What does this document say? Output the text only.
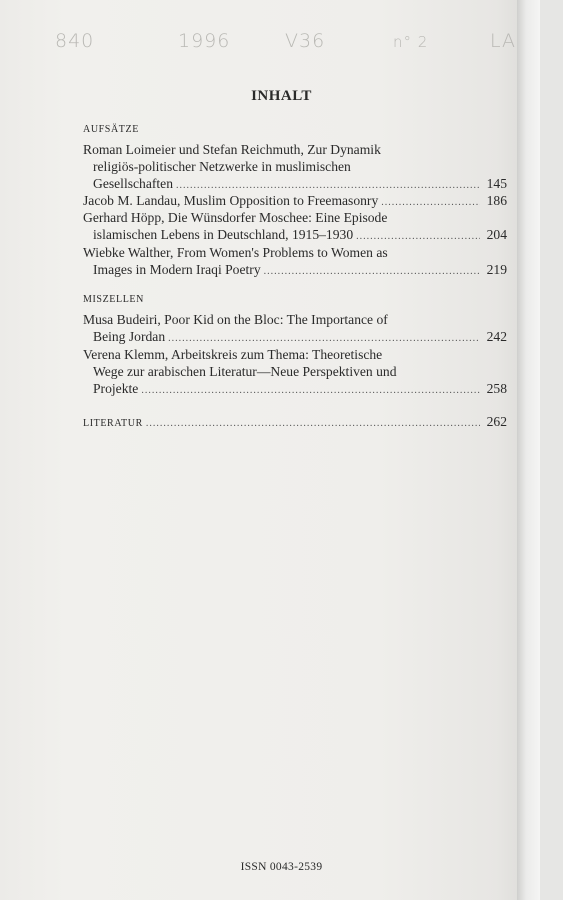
840	1996	V36	n° 2	LA
INHALT
AUFSÄTZE
Roman Loimeier und Stefan Reichmuth, Zur Dynamik
religiös-politischer Netzwerke in muslimischen
Gesellschaften .....	145
Jacob M. Landau, Muslim Opposition to Freemasonry .....	186
Gerhard Höpp, Die Wünsdorfer Moschee: Eine Episode
islamischen Lebens in Deutschland, 1915–1930 .....	204
Wiebke Walther, From Women's Problems to Women as
Images in Modern Iraqi Poetry .....	219
MISZELLEN
Musa Budeiri, Poor Kid on the Bloc: The Importance of
Being Jordan .....	242
Verena Klemm, Arbeitskreis zum Thema: Theoretische
Wege zur arabischen Literatur—Neue Perspektiven und
Projekte .....	258
LITERATUR .....	262
ISSN 0043-2539
